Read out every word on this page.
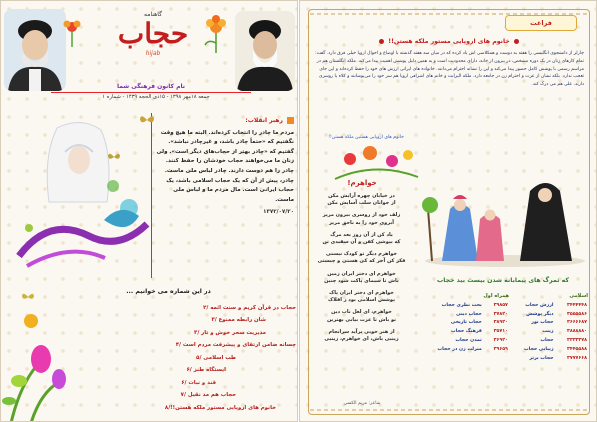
گاهنامه
حجاب
hijab
نام کانون فرهنگی شما
جمعه ۱۸مهر ۱۳۹۸ - ۱۵ذی الحجه ۱۴۳۹ - شماره ۱
رهبر انقلاب:
مردم ما چادر را انتخاب کرده‌اند. البته ما هیچ وقت نگفتیم که «حتماً چادر باشد، و غیرچادر نباشد». گفتیم که «چادر بهتر از حجاب‌های دیگر است». ولی زنان ما می‌خواهند حجاب خودشان را حفظ کنند. چادر را هم دوست دارند. چادر لباس ملی ماست. چادر، پیش از آن که یک حجاب اسلامی باشد، یک حجاب ایرانی است. مال مردم ما و لباس ملی ماست.
۱۳۷۲/۰۷/۲۰
در این شماره می خوانیم ...
حجاب در قرآن کریم و سنت ائمه /۲
شان رابطه ممنوع /۳
مدیریت سحر خوش و تار /۳
چسانه ضامن ارتقای و پیشرفت مردم است /۴
طب اسلامی /۵
ایستگاه طنز /۶
قند و نبات /۶
حجاب هم مد نقیل /۷
خانوم های اروپایی مستور ملکه هستن!!/۸
فراغت
خانوم های اروپایی مستور ملکه هستن!!
چارلز از دانشجوی انگلیسی را هفته به دوست و همکلاسی اش یاد کرده که در میان سه هفته گذشته با اوضاع و احوال اروپا خیلی فرق دارد. گفت: تمام کارهای زنان در یک دوره مشخص، در بیرون از خانه، دارای محدودیت است و به همین دلیل پوشش اهمیت پیدا می‌کند. ملکه انگلستان هم در مراسم رسمی با پوشش کامل حضور پیدا می‌کند و این را نشانه احترام می‌دانند. خانواده های ایرانی ارزش های خود را حفظ کرده‌اند و این جای تعجب ندارد. بلکه نشان از عزت و احترام زن در جامعه دارد. ملکه الیزابت و خانم های اشرافی اروپا هم سر خود را می‌پوشانند و کلاه یا روسری دارند. علی هم می درک کند.
خانوم های اروپایی هستین ملکه هستن!!
خواهرم!
در خیابان چهره آرایش مکن
از جوانان سلب آسایش مکن
زلف خود از روسری بیرون مریز
آبروی خود را به ناحق مریز
یاد کن از آن روز بعد مرگ
که بپوشی کفن و آن سفیدی تن
خواهرم دیگر تو کودک نیستی
فکر کن آخر که کی هستی و چیستی
خواهرم ای دختر ایران زمین
باش تا سیمای پاکت شود چنین
خواهرم ای دختر ایران پاک
پوشش اسلامی بود ز افلاک
خواهرم، ای لعل ناب دین
تو باش تا عزت بیابی بهترین
از هنر خوبی برآید سرانجام
زینبی باش، ای خواهرم، زینبی
شاعر: مریم الکسی
که ثمرگ های پیمابانه شدن بیست بید حجاب
اسلامی		همراه اول	
۳۴۴۴۴۴۸	ارزش حجاب	۳۹۸۵۷	بحث نظری حجاب
۳۵۵۵۵۸۶	دیگر پوشش	۳۷۸۲۰	حجاب دینی
۳۶۶۶۶۸۷	حجاب نور	۳۸۹۲۰	حجاب تاریخی
۳۸۸۸۸۸۰	زینب	۳۵۷۱۰	فرهنگ حجاب
۳۳۳۳۳۷۸	حجاب	۳۶۹۲۰	تمدن حجاب
۳۴۴۵۵۸۸	زیبایی حجاب	۳۹۶۵۹	منزلت زن در حجاب
۳۷۷۷۶۶۸	حجاب برتر		
